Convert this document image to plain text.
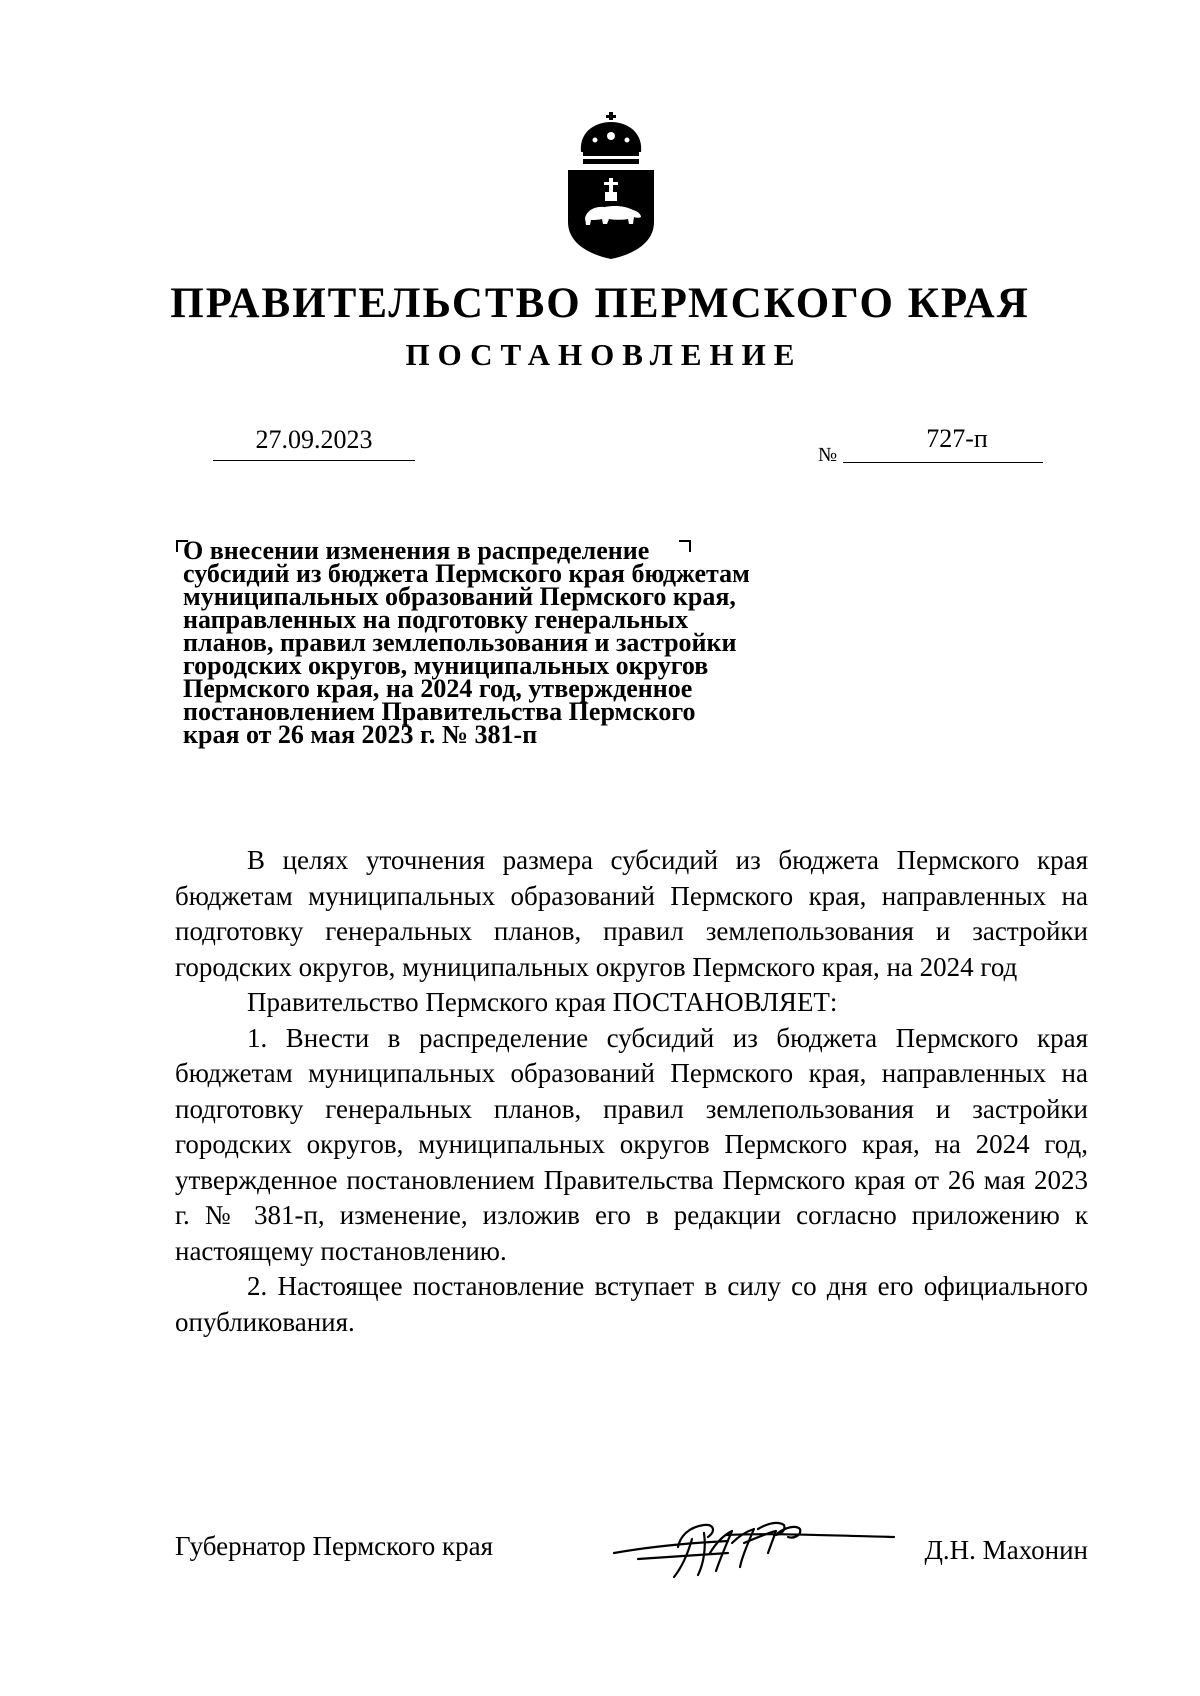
ПРАВИТЕЛЬСТВО ПЕРМСКОГО КРАЯ
ПОСТАНОВЛЕНИЕ
27.09.2023
№
727-п
О внесении изменения в распределение
субсидий из бюджета Пермского края бюджетам
муниципальных образований Пермского края,
направленных на подготовку генеральных
планов, правил землепользования и застройки
городских округов, муниципальных округов
Пермского края, на 2024 год, утвержденное
постановлением Правительства Пермского
края от 26 мая 2023 г. № 381-п

В целях уточнения размера субсидий из бюджета Пермского края бюджетам муниципальных образований Пермского края, направленных на подготовку генеральных планов, правил землепользования и застройки городских округов, муниципальных округов Пермского края, на 2024 год

Правительство Пермского края ПОСТАНОВЛЯЕТ:

1. Внести в распределение субсидий из бюджета Пермского края бюджетам муниципальных образований Пермского края, направленных на подготовку генеральных планов, правил землепользования и застройки городских округов, муниципальных округов Пермского края, на 2024 год, утвержденное постановлением Правительства Пермского края от 26 мая 2023 г. № 381-п, изменение, изложив его в редакции согласно приложению к настоящему постановлению.

2. Настоящее постановление вступает в силу со дня его официального опубликования.

Губернатор Пермского края	Д.Н. Махонин
